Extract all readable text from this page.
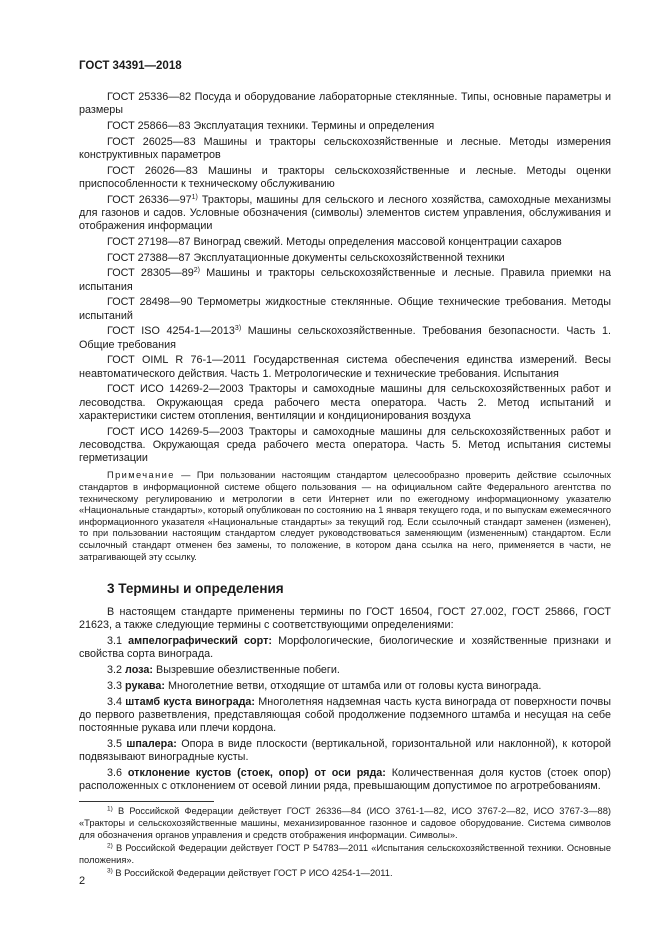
ГОСТ 34391—2018

ГОСТ 25336—82 Посуда и оборудование лабораторные стеклянные. Типы, основные параметры и размеры

ГОСТ 25866—83 Эксплуатация техники. Термины и определения

ГОСТ 26025—83 Машины и тракторы сельскохозяйственные и лесные. Методы измерения конструктивных параметров

ГОСТ 26026—83 Машины и тракторы сельскохозяйственные и лесные. Методы оценки приспособленности к техническому обслуживанию

ГОСТ 26336—97$^{1)}$ Тракторы, машины для сельского и лесного хозяйства, самоходные механизмы для газонов и садов. Условные обозначения (символы) элементов систем управления, обслуживания и отображения информации

ГОСТ 27198—87 Виноград свежий. Методы определения массовой концентрации сахаров

ГОСТ 27388—87 Эксплуатационные документы сельскохозяйственной техники

ГОСТ 28305—89$^{2)}$ Машины и тракторы сельскохозяйственные и лесные. Правила приемки на испытания

ГОСТ 28498—90 Термометры жидкостные стеклянные. Общие технические требования. Методы испытаний

ГОСТ ISO 4254-1—2013$^{3)}$ Машины сельскохозяйственные. Требования безопасности. Часть 1. Общие требования

ГОСТ OIML R 76-1—2011 Государственная система обеспечения единства измерений. Весы неавтоматического действия. Часть 1. Метрологические и технические требования. Испытания

ГОСТ ИСО 14269-2—2003 Тракторы и самоходные машины для сельскохозяйственных работ и лесоводства. Окружающая среда рабочего места оператора. Часть 2. Метод испытаний и характеристики систем отопления, вентиляции и кондиционирования воздуха

ГОСТ ИСО 14269-5—2003 Тракторы и самоходные машины для сельскохозяйственных работ и лесоводства. Окружающая среда рабочего места оператора. Часть 5. Метод испытания системы герметизации

Примечание — При пользовании настоящим стандартом целесообразно проверить действие ссылочных стандартов в информационной системе общего пользования — на официальном сайте Федерального агентства по техническому регулированию и метрологии в сети Интернет или по ежегодному информационному указателю «Национальные стандарты», который опубликован по состоянию на 1 января текущего года, и по выпускам ежемесячного информационного указателя «Национальные стандарты» за текущий год. Если ссылочный стандарт заменен (изменен), то при пользовании настоящим стандартом следует руководствоваться заменяющим (измененным) стандартом. Если ссылочный стандарт отменен без замены, то положение, в котором дана ссылка на него, применяется в части, не затрагивающей эту ссылку.

3 Термины и определения

В настоящем стандарте применены термины по ГОСТ 16504, ГОСТ 27.002, ГОСТ 25866, ГОСТ 21623, а также следующие термины с соответствующими определениями:

3.1 ампелографический сорт: Морфологические, биологические и хозяйственные признаки и свойства сорта винограда.

3.2 лоза: Вызревшие обезлиственные побеги.

3.3 рукава: Многолетние ветви, отходящие от штамба или от головы куста винограда.

3.4 штамб куста винограда: Многолетняя надземная часть куста винограда от поверхности почвы до первого разветвления, представляющая собой продолжение подземного штамба и несущая на себе постоянные рукава или плечи кордона.

3.5 шпалера: Опора в виде плоскости (вертикальной, горизонтальной или наклонной), к которой подвязывают виноградные кусты.

3.6 отклонение кустов (стоек, опор) от оси ряда: Количественная доля кустов (стоек опор) расположенных с отклонением от осевой линии ряда, превышающим допустимое по агротребованиям.

$^{1)}$ В Российской Федерации действует ГОСТ 26336—84 (ИСО 3761-1—82, ИСО 3767-2—82, ИСО 3767-3—88) «Тракторы и сельскохозяйственные машины, механизированное газонное и садовое оборудование. Система символов для обозначения органов управления и средств отображения информации. Символы».

$^{2)}$ В Российской Федерации действует ГОСТ Р 54783—2011 «Испытания сельскохозяйственной техники. Основные положения».

$^{3)}$ В Российской Федерации действует ГОСТ Р ИСО 4254-1—2011.

2
